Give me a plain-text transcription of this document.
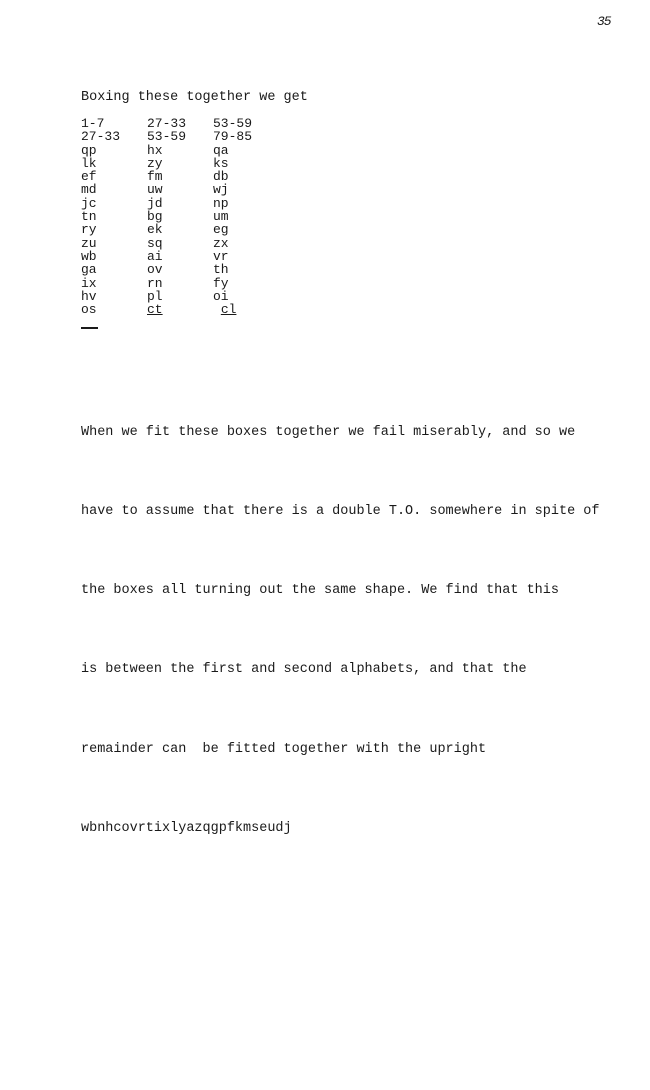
35
Boxing these together we get
1-7	27-33	53-59
27-33	53-59	79-85
qp	hx	qa
lk	zy	ks
ef	fm	db
md	uw	wj
jc	jd	np
tn	bg	um
ry	ek	eg
zu	sq	zx
wb	ai	vr
ga	ov	th
ix	rn	fy
hv	pl	oi
os	ct	cl

When we fit these boxes together we fail miserably, and so we

have to assume that there is a double T.O. somewhere in spite of

the boxes all turning out the same shape. We find that this

is between the first and second alphabets, and that the

remainder can  be fitted together with the upright

wbnhcovrtixlyazqgpfkmseudj
